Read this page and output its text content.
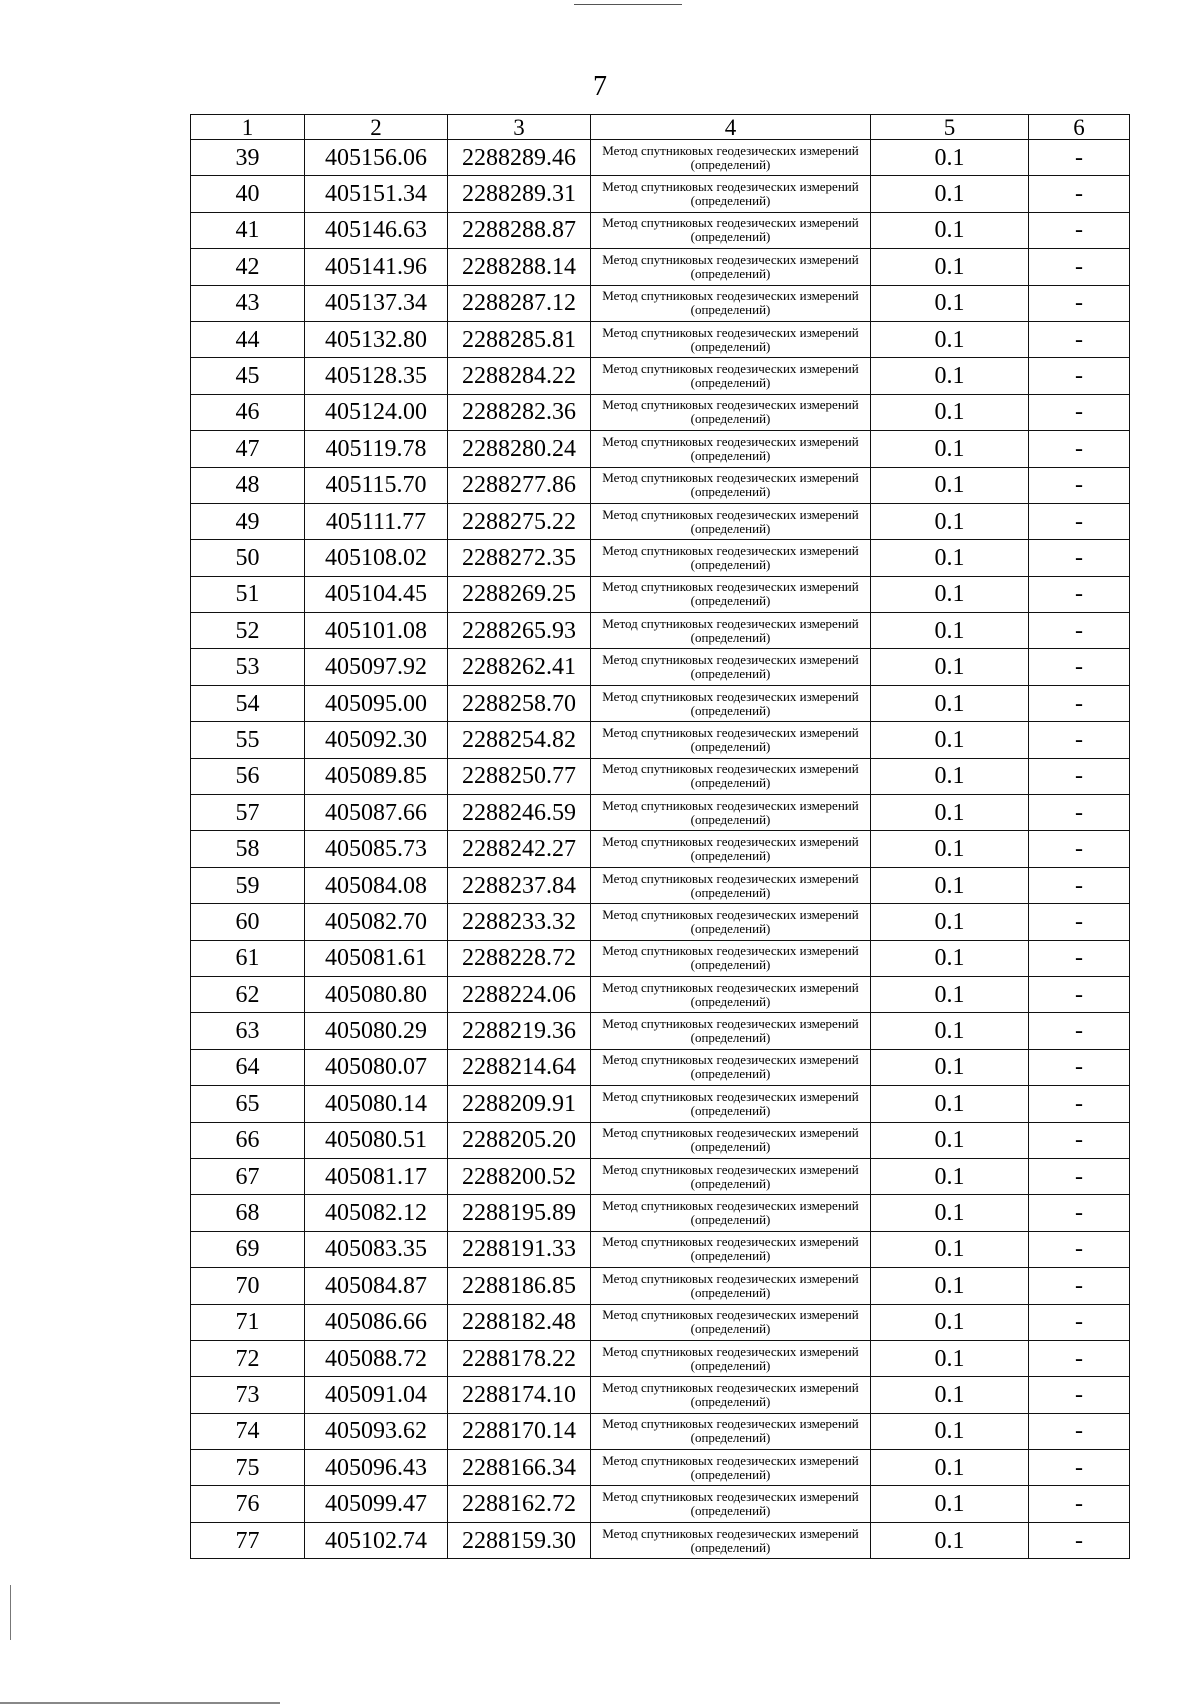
7
1	2	3	4	5	6
39	405156.06	2288289.46	Метод спутниковых геодезических измерений (определений)	0.1	-
40	405151.34	2288289.31	Метод спутниковых геодезических измерений (определений)	0.1	-
41	405146.63	2288288.87	Метод спутниковых геодезических измерений (определений)	0.1	-
42	405141.96	2288288.14	Метод спутниковых геодезических измерений (определений)	0.1	-
43	405137.34	2288287.12	Метод спутниковых геодезических измерений (определений)	0.1	-
44	405132.80	2288285.81	Метод спутниковых геодезических измерений (определений)	0.1	-
45	405128.35	2288284.22	Метод спутниковых геодезических измерений (определений)	0.1	-
46	405124.00	2288282.36	Метод спутниковых геодезических измерений (определений)	0.1	-
47	405119.78	2288280.24	Метод спутниковых геодезических измерений (определений)	0.1	-
48	405115.70	2288277.86	Метод спутниковых геодезических измерений (определений)	0.1	-
49	405111.77	2288275.22	Метод спутниковых геодезических измерений (определений)	0.1	-
50	405108.02	2288272.35	Метод спутниковых геодезических измерений (определений)	0.1	-
51	405104.45	2288269.25	Метод спутниковых геодезических измерений (определений)	0.1	-
52	405101.08	2288265.93	Метод спутниковых геодезических измерений (определений)	0.1	-
53	405097.92	2288262.41	Метод спутниковых геодезических измерений (определений)	0.1	-
54	405095.00	2288258.70	Метод спутниковых геодезических измерений (определений)	0.1	-
55	405092.30	2288254.82	Метод спутниковых геодезических измерений (определений)	0.1	-
56	405089.85	2288250.77	Метод спутниковых геодезических измерений (определений)	0.1	-
57	405087.66	2288246.59	Метод спутниковых геодезических измерений (определений)	0.1	-
58	405085.73	2288242.27	Метод спутниковых геодезических измерений (определений)	0.1	-
59	405084.08	2288237.84	Метод спутниковых геодезических измерений (определений)	0.1	-
60	405082.70	2288233.32	Метод спутниковых геодезических измерений (определений)	0.1	-
61	405081.61	2288228.72	Метод спутниковых геодезических измерений (определений)	0.1	-
62	405080.80	2288224.06	Метод спутниковых геодезических измерений (определений)	0.1	-
63	405080.29	2288219.36	Метод спутниковых геодезических измерений (определений)	0.1	-
64	405080.07	2288214.64	Метод спутниковых геодезических измерений (определений)	0.1	-
65	405080.14	2288209.91	Метод спутниковых геодезических измерений (определений)	0.1	-
66	405080.51	2288205.20	Метод спутниковых геодезических измерений (определений)	0.1	-
67	405081.17	2288200.52	Метод спутниковых геодезических измерений (определений)	0.1	-
68	405082.12	2288195.89	Метод спутниковых геодезических измерений (определений)	0.1	-
69	405083.35	2288191.33	Метод спутниковых геодезических измерений (определений)	0.1	-
70	405084.87	2288186.85	Метод спутниковых геодезических измерений (определений)	0.1	-
71	405086.66	2288182.48	Метод спутниковых геодезических измерений (определений)	0.1	-
72	405088.72	2288178.22	Метод спутниковых геодезических измерений (определений)	0.1	-
73	405091.04	2288174.10	Метод спутниковых геодезических измерений (определений)	0.1	-
74	405093.62	2288170.14	Метод спутниковых геодезических измерений (определений)	0.1	-
75	405096.43	2288166.34	Метод спутниковых геодезических измерений (определений)	0.1	-
76	405099.47	2288162.72	Метод спутниковых геодезических измерений (определений)	0.1	-
77	405102.74	2288159.30	Метод спутниковых геодезических измерений (определений)	0.1	-
